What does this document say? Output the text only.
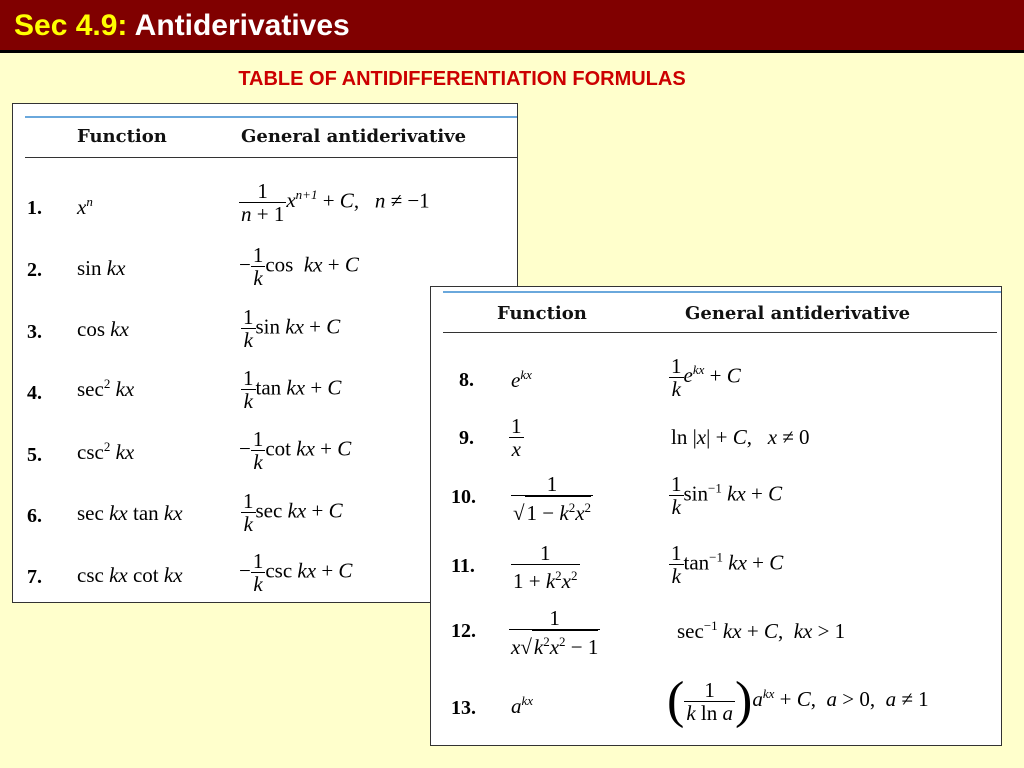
Sec 4.9: Antiderivatives
TABLE OF ANTIDIFFERENTIATION FORMULAS
Function	General antiderivative
1. $x^n$	$\frac{1}{n + 1} x^{n+1} + C$,   n ≠ −1
2. sin kx	− $\frac{1}{k}$ cos  kx + C
3. cos kx	$\frac{1}{k}$ sin kx + C
4. $\sec^2$ kx	$\frac{1}{k}$ tan kx + C
5. $\csc^2$ kx	− $\frac{1}{k}$ cot kx + C
6. sec kx tan kx	$\frac{1}{k}$ sec kx + C
7. csc kx cot kx	− $\frac{1}{k}$ csc kx + C
Function	General antiderivative
8. $e^{kx}$	$\frac{1}{k} e^{kx} + C$
9. $\frac{1}{x}$	ln |x| + C,   x ≠ 0
10. $\frac{1}{√1 - k^2x^2}$	$\frac{1}{k} \sin^{-1}$ kx + C
11. $\frac{1}{1 + k^2x^2}$	$\frac{1}{k} \tan^{-1}$ kx + C
12. $\frac{1}{x√k^2x^2 - 1}$	$\sec^{-1}$ kx + C,  kx > 1
13. $a^{kx}$	( $\frac{1}{\text{k ln a}} )a^{kx} + C$,  a > 0,  a ≠ 1
